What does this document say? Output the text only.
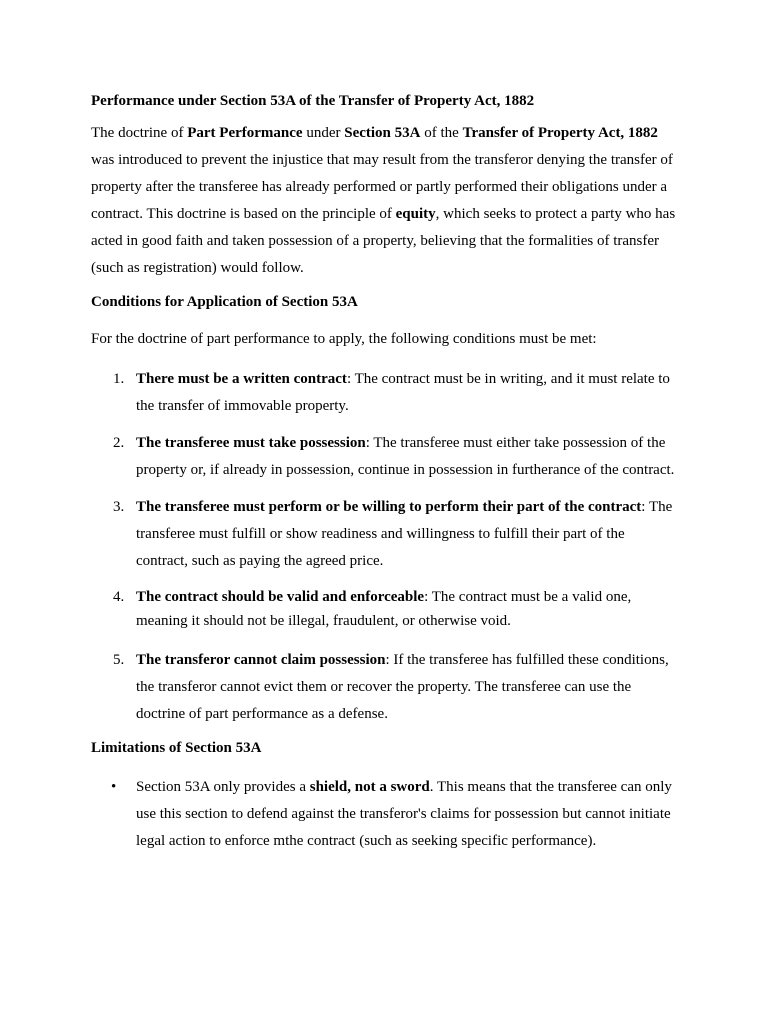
Performance under Section 53A of the Transfer of Property Act, 1882

The doctrine of Part Performance under Section 53A of the Transfer of Property Act, 1882 was introduced to prevent the injustice that may result from the transferor denying the transfer of property after the transferee has already performed or partly performed their obligations under a contract. This doctrine is based on the principle of equity, which seeks to protect a party who has acted in good faith and taken possession of a property, believing that the formalities of transfer (such as registration) would follow.

Conditions for Application of Section 53A

For the doctrine of part performance to apply, the following conditions must be met:

1. There must be a written contract: The contract must be in writing, and it must relate to the transfer of immovable property.
2. The transferee must take possession: The transferee must either take possession of the property or, if already in possession, continue in possession in furtherance of the contract.
3. The transferee must perform or be willing to perform their part of the contract: The transferee must fulfill or show readiness and willingness to fulfill their part of the contract, such as paying the agreed price.
4. The contract should be valid and enforceable: The contract must be a valid one, meaning it should not be illegal, fraudulent, or otherwise void.
5. The transferor cannot claim possession: If the transferee has fulfilled these conditions, the transferor cannot evict them or recover the property. The transferee can use the doctrine of part performance as a defense.
Limitations of Section 53A
• Section 53A only provides a shield, not a sword. This means that the transferee can only use this section to defend against the transferor's claims for possession but cannot initiate legal action to enforce mthe contract (such as seeking specific performance).
